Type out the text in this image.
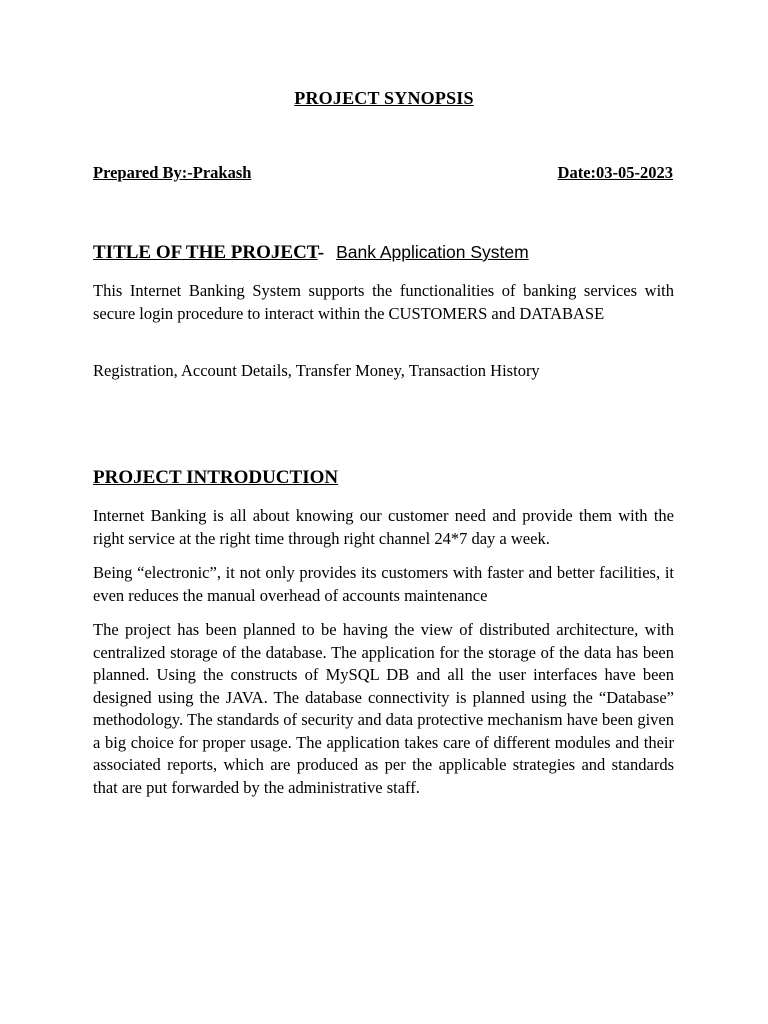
PROJECT SYNOPSIS
Prepared By:-Prakash	Date:03-05-2023
TITLE OF THE PROJECT- Bank Application System

This Internet Banking System supports the functionalities of banking services with secure login procedure to interact within the CUSTOMERS and DATABASE

Registration, Account Details, Transfer Money, Transaction History

PROJECT INTRODUCTION

Internet Banking is all about knowing our customer need and provide them with the right service at the right time through right channel 24*7 day a week.

Being “electronic”, it not only provides its customers with faster and better facilities, it even reduces the manual overhead of accounts maintenance

The project has been planned to be having the view of distributed architecture, with centralized storage of the database. The application for the storage of the data has been planned. Using the constructs of MySQL DB and all the user interfaces have been designed using the JAVA. The database connectivity is planned using the “Database” methodology. The standards of security and data protective mechanism have been given a big choice for proper usage. The application takes care of different modules and their associated reports, which are produced as per the applicable strategies and standards that are put forwarded by the administrative staff.
